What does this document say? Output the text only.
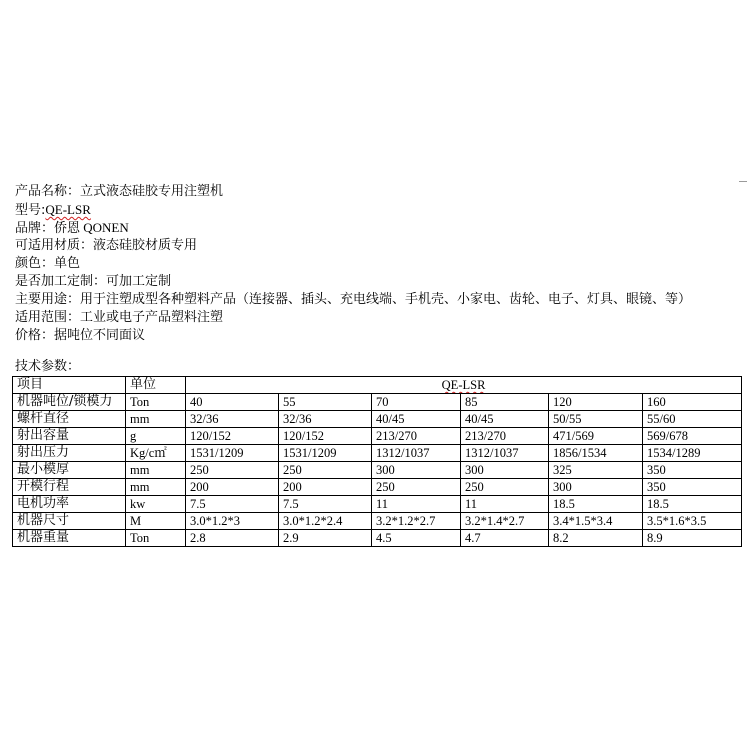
产品名称：立式液态硅胶专用注塑机
型号:QE-LSR
品牌：侨恩 QONEN
可适用材质：液态硅胶材质专用
颜色：单色
是否加工定制：可加工定制
主要用途：用于注塑成型各种塑料产品（连接器、插头、充电线端、手机壳、小家电、齿轮、电子、灯具、眼镜、等）
适用范围：工业或电子产品塑料注塑
价格：据吨位不同面议
技术参数：
项目	单位	QE-LSR					
机器吨位/锁模力	Ton	40	55	70	85	120	160
螺杆直径	mm	32/36	32/36	40/45	40/45	50/55	55/60
射出容量	g	120/152	120/152	213/270	213/270	471/569	569/678
射出压力	Kg/c㎡	1531/1209	1531/1209	1312/1037	1312/1037	1856/1534	1534/1289
最小模厚	mm	250	250	300	300	325	350
开模行程	mm	200	200	250	250	300	350
电机功率	kw	7.5	7.5	11	11	18.5	18.5
机器尺寸	M	3.0*1.2*3	3.0*1.2*2.4	3.2*1.2*2.7	3.2*1.4*2.7	3.4*1.5*3.4	3.5*1.6*3.5
机器重量	Ton	2.8	2.9	4.5	4.7	8.2	8.9
